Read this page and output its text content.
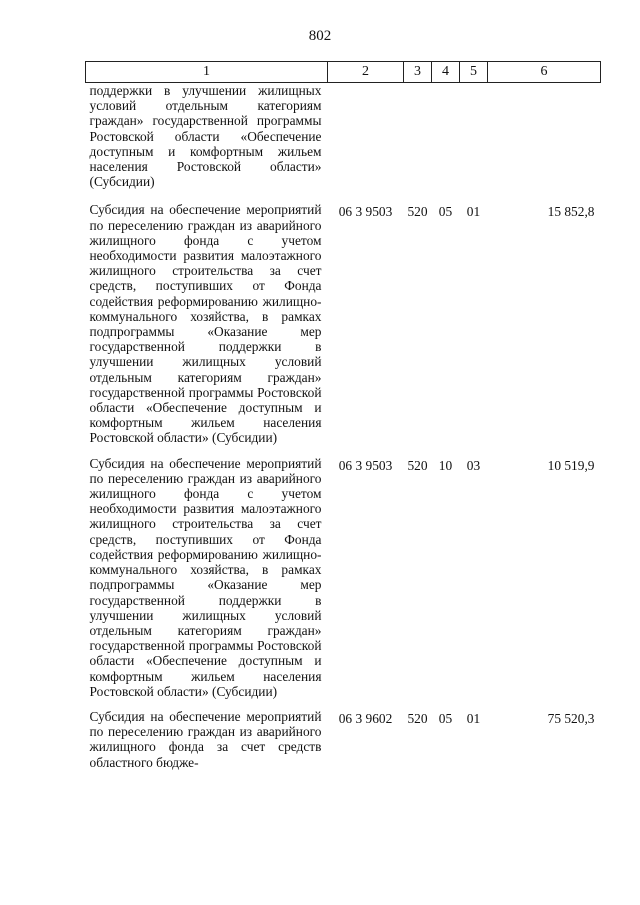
802
1	2	3	4	5	6
поддержки в улучшении жилищных условий отдельным категориям граждан» государственной программы Ростовской области «Обеспечение доступным и комфортным жильем населения Ростовской области» (Субсидии)					
Субсидия на обеспечение мероприятий по переселению граждан из аварийного жилищного фонда с учетом необходимости развития малоэтажного жилищного строительства за счет средств, поступивших от Фонда содействия реформированию жилищно-коммунального хозяйства, в рамках подпрограммы «Оказание мер государственной поддержки в улучшении жилищных условий отдельным категориям граждан» государственной программы Ростовской области «Обеспечение доступным и комфортным жильем населения Ростовской области» (Субсидии)	06 3 9503	520	05	01	15 852,8
Субсидия на обеспечение мероприятий по переселению граждан из аварийного жилищного фонда с учетом необходимости развития малоэтажного жилищного строительства за счет средств, поступивших от Фонда содействия реформированию жилищно-коммунального хозяйства, в рамках подпрограммы «Оказание мер государственной поддержки в улучшении жилищных условий отдельным категориям граждан» государственной программы Ростовской области «Обеспечение доступным и комфортным жильем населения Ростовской области» (Субсидии)	06 3 9503	520	10	03	10 519,9
Субсидия на обеспечение мероприятий по переселению граждан из аварийного жилищного фонда за счет средств областного бюдже-	06 3 9602	520	05	01	75 520,3
